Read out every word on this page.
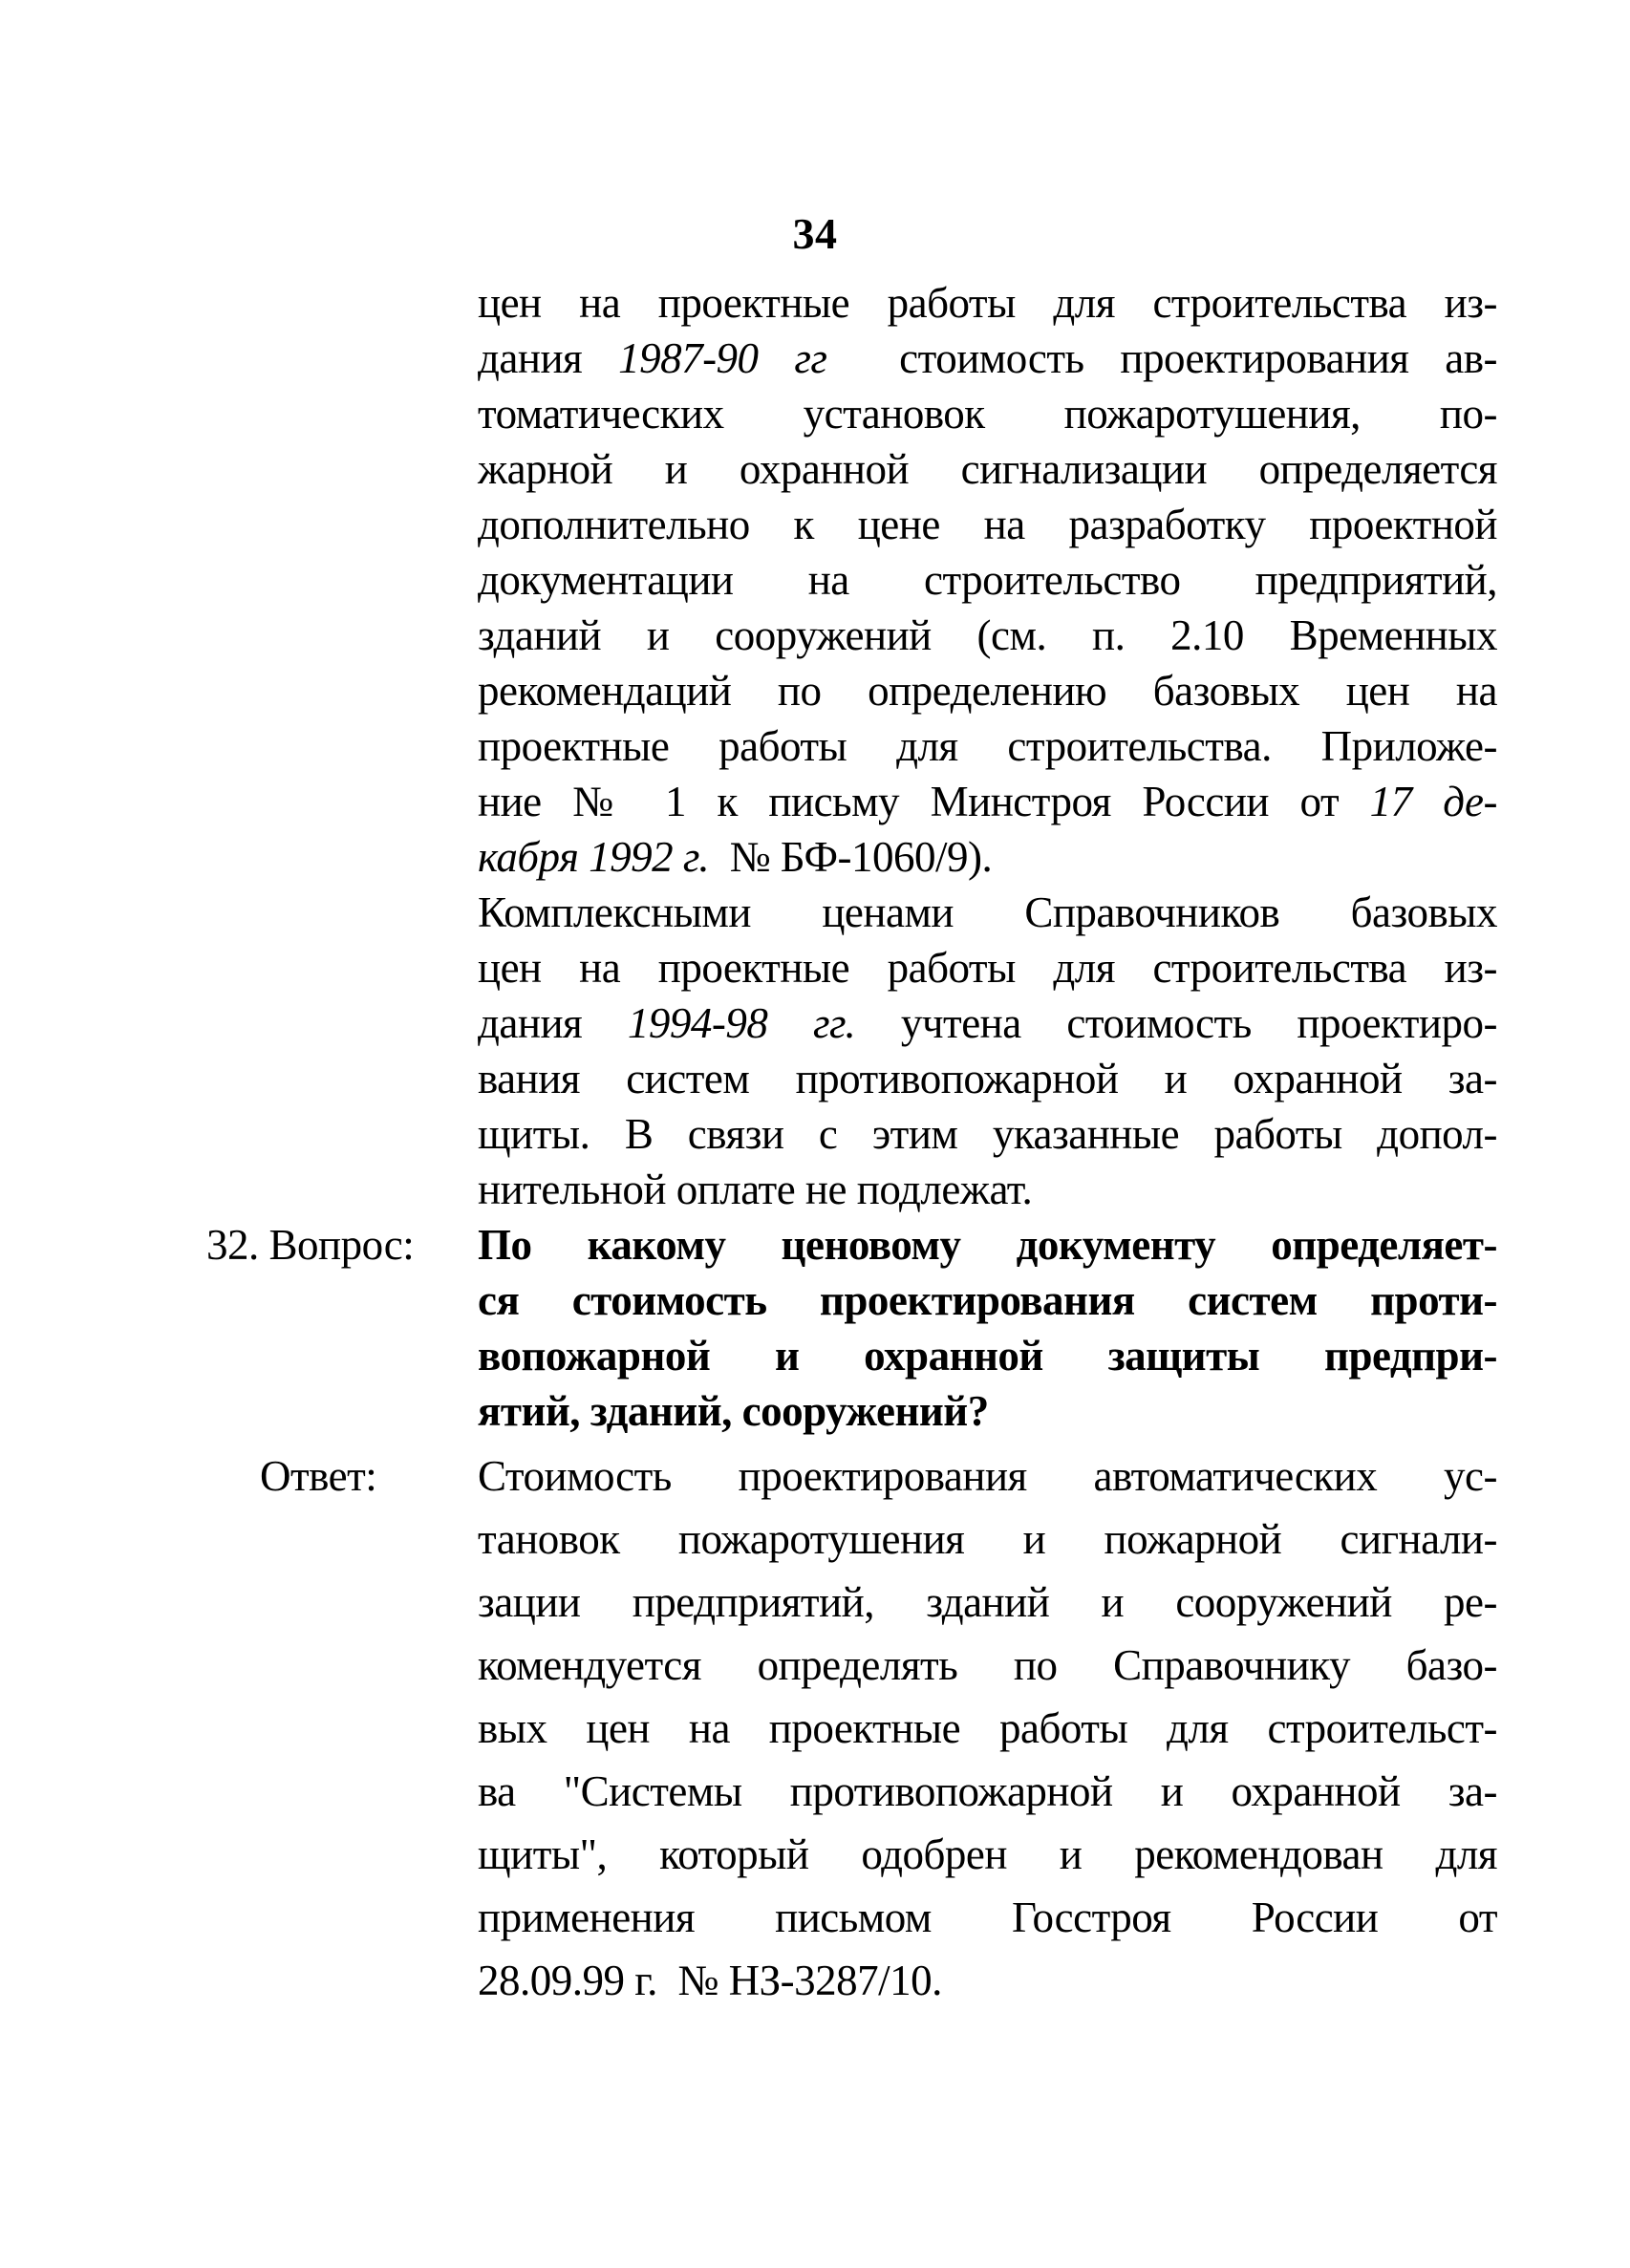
34
цен на проектные работы для строительства из-
дания 1987-90 гг  стоимость проектирования ав-
томатических установок пожаротушения, по-
жарной и охранной сигнализации определяется
дополнительно к цене на разработку проектной
документации на строительство предприятий,
зданий и сооружений (см. п. 2.10 Временных
рекомендаций по определению базовых цен на
проектные работы для строительства. Приложе-
ние № 1 к письму Минстроя России от 17 де-
кабря 1992 г.  № БФ-1060/9).
Комплексными ценами Справочников базовых
цен на проектные работы для строительства из-
дания 1994-98 гг. учтена стоимость проектиро-
вания систем противопожарной и охранной за-
щиты. В связи с этим указанные работы допол-
нительной оплате не подлежат.
32. Вопрос:	По какому ценовому документу определяет-
ся стоимость проектирования систем проти-
вопожарной и охранной защиты предпри-
ятий, зданий, сооружений?
Ответ:	Стоимость проектирования автоматических ус-
тановок пожаротушения и пожарной сигнали-
зации предприятий, зданий и сооружений ре-
комендуется определять по Справочнику базо-
вых цен на проектные работы для строительст-
ва "Системы противопожарной и охранной за-
щиты", который одобрен и рекомендован для
применения письмом Госстроя России от
28.09.99 г.  № НЗ-3287/10.
